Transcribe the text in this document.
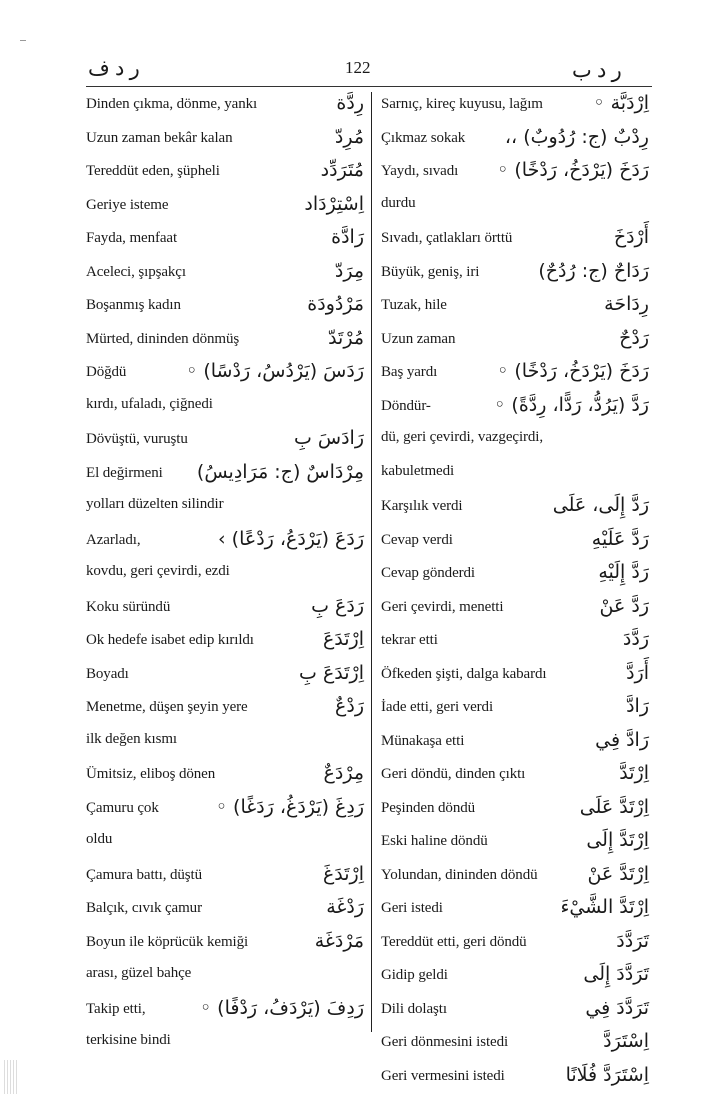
ر د ف	122	ر د ب
Dinden çıkma, dönme, yankı	رِدَّة
Uzun zaman bekâr kalan	مُرِدّ
Tereddüt eden, şüpheli	مُتَرَدِّد
Geriye isteme	اِسْتِرْدَاد
Fayda, menfaat	رَادَّة
Aceleci, şıpşakçı	مِرَدّ
Boşanmış kadın	مَرْدُودَة
Mürted, dininden dönmüş	مُرْتَدّ
Döğdü	رَدَسَ (يَرْدُسُ، رَدْسًا) ◦
kırdı, ufaladı, çiğnedi
Dövüştü, vuruştu	رَادَسَ بِ
El değirmeni مِرْدَاسٌ (ج: مَرَادِيسُ)
yolları düzelten silindir
Azarladı,	رَدَعَ (يَرْدَعُ، رَدْعًا) ›
kovdu, geri çevirdi, ezdi
Koku süründü	رَدَعَ بِ
Ok hedefe isabet edip kırıldı	اِرْتَدَعَ
Boyadı	اِرْتَدَعَ بِ
Menetme, düşen şeyin yere	رَدْعٌ
ilk değen kısmı
Ümitsiz, eliboş dönen	مِرْدَعٌ
Çamuru çok	رَدِغَ (يَرْدَغُ، رَدَغًا) ◦
oldu
Çamura battı, düştü	اِرْتَدَغَ
Balçık, cıvık çamur	رَدْغَة
Boyun ile köprücük kemiği	مَرْدَغَة
arası, güzel bahçe
Takip etti,	رَدِفَ (يَرْدَفُ، رَدْفًا) ◦
terkisine bindi
Sarnıç, kireç kuyusu, lağım	اِرْدَبَّة ◦
Çıkmaz sokak رِدْبٌ (ج: رُدُوبٌ) ،،
Yaydı, sıvadı رَدَخَ (يَرْدَخُ، رَدْخًا) ◦
durdu
Sıvadı, çatlakları örttü	أَرْدَخَ
Büyük, geniş, iri	رَدَاحٌ (ج: رُدُحٌ)
Tuzak, hile	رِدَاحَة
Uzun zaman	رَدْحٌ
Baş yardı	رَدَخَ (يَرْدَخُ، رَدْخًا) ◦
Döndür-	رَدَّ (يَرُدُّ، رَدًّا، رِدَّةً) ◦
dü, geri çevirdi, vazgeçirdi,
kabuletmedi
Karşılık verdi	رَدَّ إِلَى، عَلَى
Cevap verdi	رَدَّ عَلَيْهِ
Cevap gönderdi	رَدَّ إِلَيْهِ
Geri çevirdi, menetti	رَدَّ عَنْ
tekrar etti	رَدَّدَ
Öfkeden şişti, dalga kabardı	أَرَدَّ
İade etti, geri verdi	رَادَّ
Münakaşa etti	رَادَّ فِي
Geri döndü, dinden çıktı	اِرْتَدَّ
Peşinden döndü	اِرْتَدَّ عَلَى
Eski haline döndü	اِرْتَدَّ إِلَى
Yolundan, dininden döndü	اِرْتَدَّ عَنْ
Geri istedi	اِرْتَدَّ الشَّيْءَ
Tereddüt etti, geri döndü	تَرَدَّدَ
Gidip geldi	تَرَدَّدَ إِلَى
Dili dolaştı	تَرَدَّدَ فِي
Geri dönmesini istedi	اِسْتَرَدَّ
Geri vermesini istedi	اِسْتَرَدَّ فُلَانًا
